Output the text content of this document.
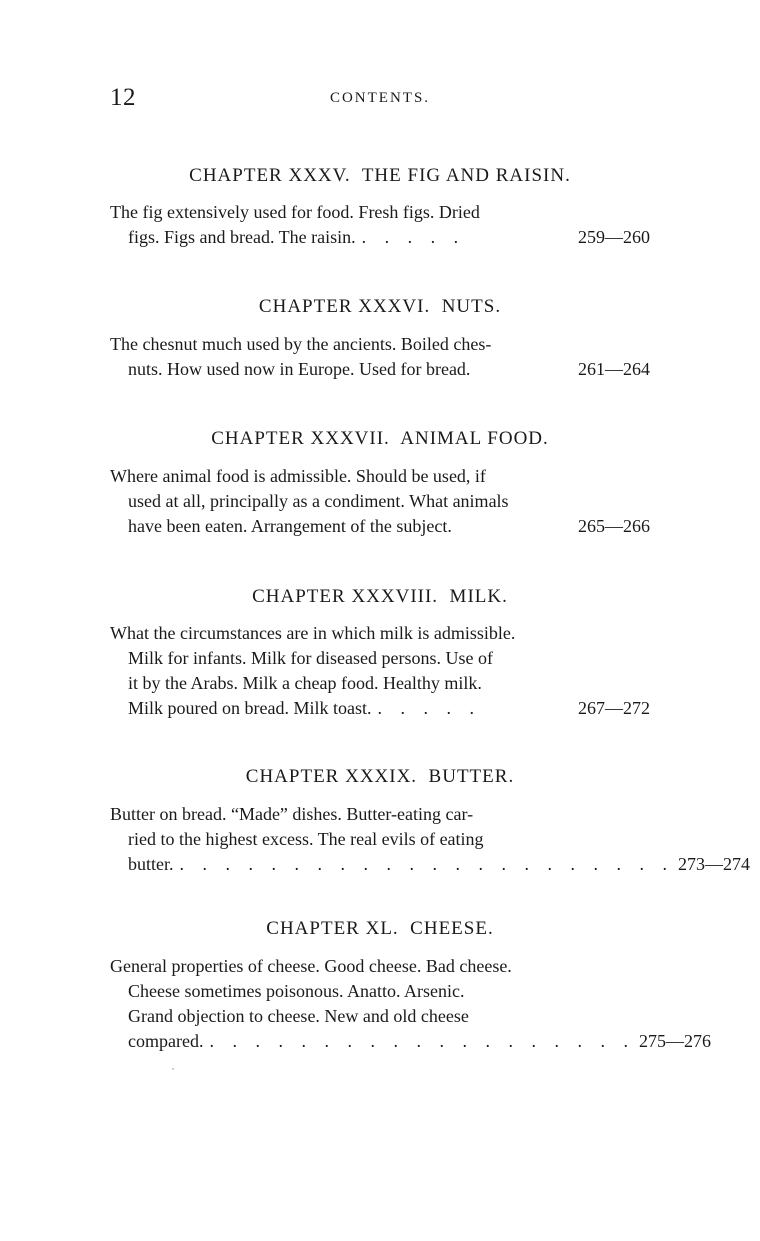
12	CONTENTS.
CHAPTER XXXV.  THE FIG AND RAISIN.
The fig extensively used for food. Fresh figs. Dried
figs. Figs and bread. The raisin. . . . . .	259—260
CHAPTER XXXVI.  NUTS.
The chesnut much used by the ancients. Boiled ches-
nuts. How used now in Europe. Used for bread.	261—264
CHAPTER XXXVII.  ANIMAL FOOD.
Where animal food is admissible. Should be used, if
used at all, principally as a condiment. What animals
have been eaten. Arrangement of the subject.	265—266
CHAPTER XXXVIII.  MILK.
What the circumstances are in which milk is admissible.
Milk for infants. Milk for diseased persons. Use of
it by the Arabs. Milk a cheap food. Healthy milk.
Milk poured on bread. Milk toast. . . . . .	267—272
CHAPTER XXXIX.  BUTTER.
Butter on bread. “Made” dishes. Butter-eating car-
ried to the highest excess. The real evils of eating
butter. . . . . . . . . . . . . . . . . . . . . . . 273—274
CHAPTER XL.  CHEESE.
General properties of cheese. Good cheese. Bad cheese.
Cheese sometimes poisonous. Anatto. Arsenic.
Grand objection to cheese. New and old cheese
compared. . . . . . . . . . . . . . . . . . . . 275—276
